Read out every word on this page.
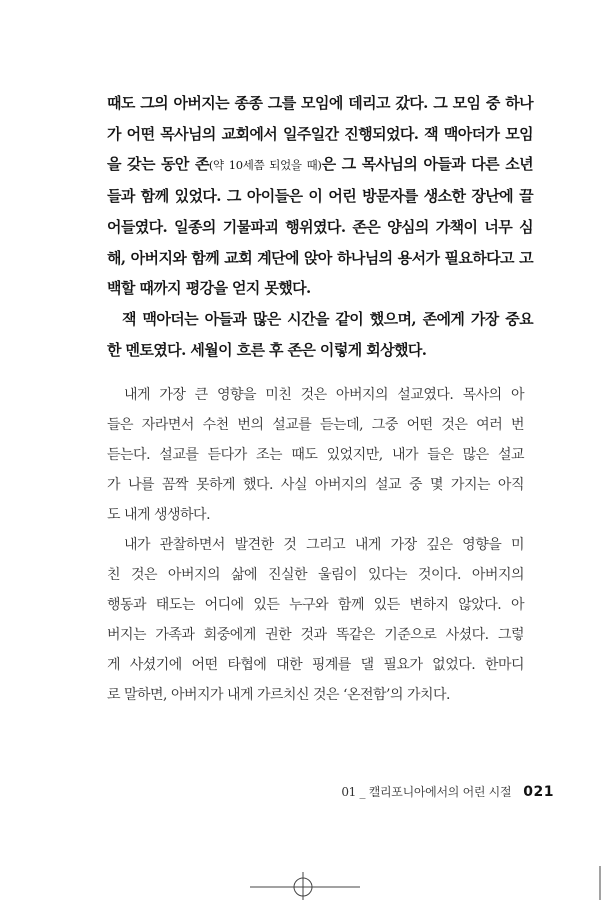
때도 그의 아버지는 종종 그를 모임에 데리고 갔다. 그 모임 중 하나
가 어떤 목사님의 교회에서 일주일간 진행되었다. 잭 맥아더가 모임
을 갖는 동안 존(약 10세쯤 되었을 때)은 그 목사님의 아들과 다른 소년
들과 함께 있었다. 그 아이들은 이 어린 방문자를 생소한 장난에 끌
어들였다. 일종의 기물파괴 행위였다. 존은 양심의 가책이 너무 심
해, 아버지와 함께 교회 계단에 앉아 하나님의 용서가 필요하다고 고
백할 때까지 평강을 얻지 못했다.
잭 맥아더는 아들과 많은 시간을 같이 했으며, 존에게 가장 중요
한 멘토였다. 세월이 흐른 후 존은 이렇게 회상했다.
내게 가장 큰 영향을 미친 것은 아버지의 설교였다. 목사의 아
들은 자라면서 수천 번의 설교를 듣는데, 그중 어떤 것은 여러 번
듣는다. 설교를 듣다가 조는 때도 있었지만, 내가 들은 많은 설교
가 나를 꼼짝 못하게 했다. 사실 아버지의 설교 중 몇 가지는 아직
도 내게 생생하다.
내가 관찰하면서 발견한 것 그리고 내게 가장 깊은 영향을 미
친 것은 아버지의 삶에 진실한 울림이 있다는 것이다. 아버지의
행동과 태도는 어디에 있든 누구와 함께 있든 변하지 않았다. 아
버지는 가족과 회중에게 권한 것과 똑같은 기준으로 사셨다. 그렇
게 사셨기에 어떤 타협에 대한 핑계를 댈 필요가 없었다. 한마디
로 말하면, 아버지가 내게 가르치신 것은 ‘온전함’의 가치다.
01 _ 캘리포니아에서의 어린 시절 021
